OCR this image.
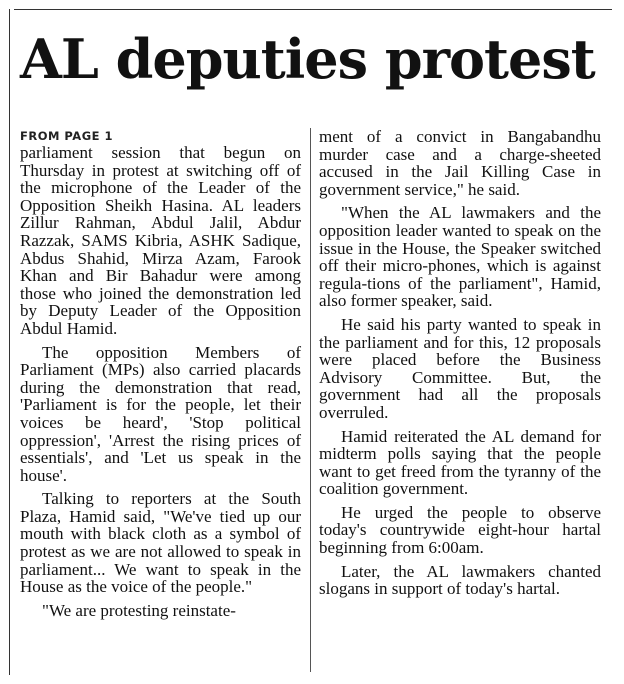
AL deputies protest
FROM PAGE 1

parliament session that begun on Thursday in protest at switching off of the microphone of the Leader of the Opposition Sheikh Hasina. AL leaders Zillur Rahman, Abdul Jalil, Abdur Razzak, SAMS Kibria, ASHK Sadique, Abdus Shahid, Mirza Azam, Farook Khan and Bir Bahadur were among those who joined the demonstration led by Deputy Leader of the Opposition Abdul Hamid.

The opposition Members of Parliament (MPs) also carried placards during the demonstration that read, 'Parliament is for the people, let their voices be heard', 'Stop political oppression', 'Arrest the rising prices of essentials', and 'Let us speak in the house'.

Talking to reporters at the South Plaza, Hamid said, "We've tied up our mouth with black cloth as a symbol of protest as we are not allowed to speak in parliament... We want to speak in the House as the voice of the people."

"We are protesting reinstate-

ment of a convict in Bangabandhu murder case and a charge-sheeted accused in the Jail Killing Case in government service," he said.

"When the AL lawmakers and the opposition leader wanted to speak on the issue in the House, the Speaker switched off their micro-phones, which is against regula-tions of the parliament", Hamid, also former speaker, said.

He said his party wanted to speak in the parliament and for this, 12 proposals were placed before the Business Advisory Committee. But, the government had all the proposals overruled.

Hamid reiterated the AL demand for midterm polls saying that the people want to get freed from the tyranny of the coalition government.

He urged the people to observe today's countrywide eight-hour hartal beginning from 6:00am.

Later, the AL lawmakers chanted slogans in support of today's hartal.
